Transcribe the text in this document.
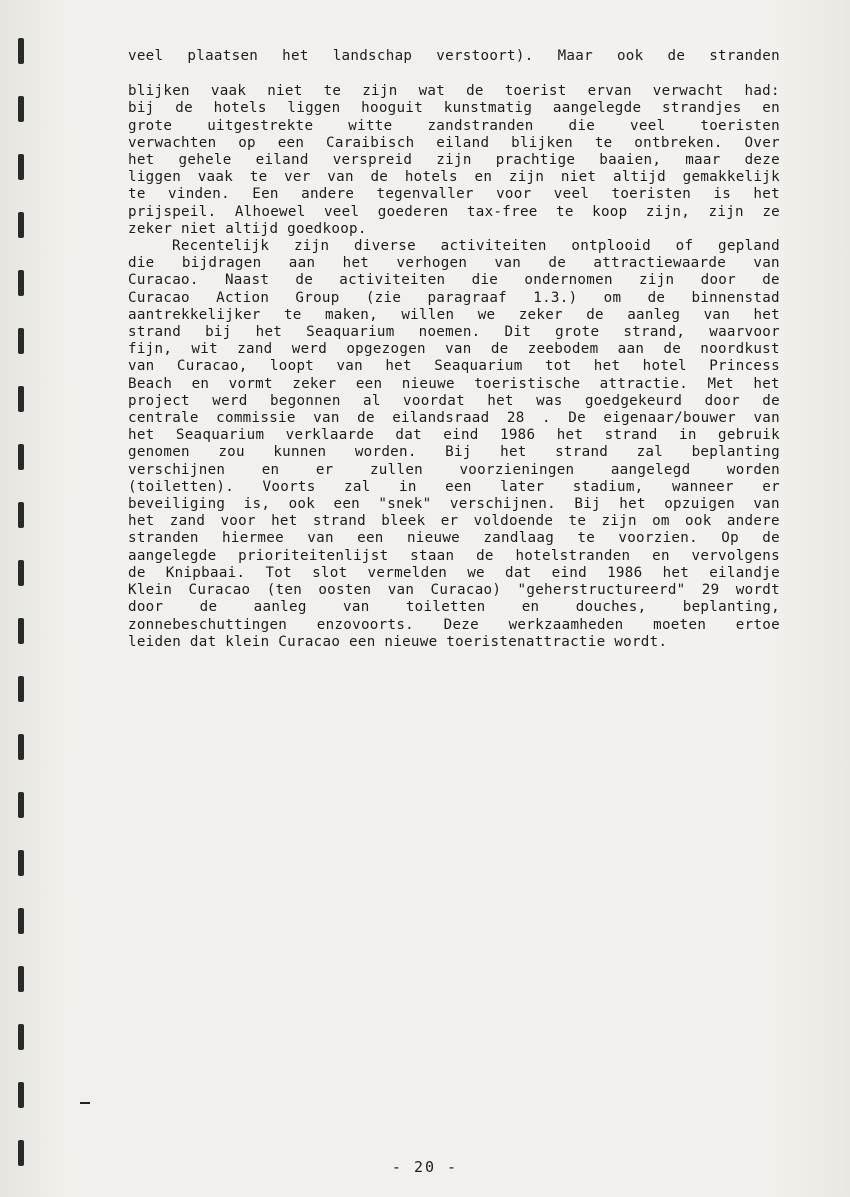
veel plaatsen het landschap verstoort). Maar ook de stranden
blijken vaak niet te zijn wat de toerist ervan verwacht had:
bij de hotels liggen hooguit kunstmatig aangelegde strandjes en
grote uitgestrekte witte zandstranden die veel toeristen
verwachten op een Caraibisch eiland blijken te ontbreken. Over
het gehele eiland verspreid zijn prachtige baaien, maar deze
liggen vaak te ver van de hotels en zijn niet altijd gemakkelijk
te vinden. Een andere tegenvaller voor veel toeristen is het
prijspeil. Alhoewel veel goederen tax-free te koop zijn, zijn ze
zeker niet altijd goedkoop.
Recentelijk zijn diverse activiteiten ontplooid of gepland
die bijdragen aan het verhogen van de attractiewaarde van
Curacao. Naast de activiteiten die ondernomen zijn door de
Curacao Action Group (zie paragraaf 1.3.) om de binnenstad
aantrekkelijker te maken, willen we zeker de aanleg van het
strand bij het Seaquarium noemen. Dit grote strand, waarvoor
fijn, wit zand werd opgezogen van de zeebodem aan de noordkust
van Curacao, loopt van het Seaquarium tot het hotel Princess
Beach en vormt zeker een nieuwe toeristische attractie. Met het
project werd begonnen al voordat het was goedgekeurd door de
centrale commissie van de eilandsraad 28 . De eigenaar/bouwer van
het Seaquarium verklaarde dat eind 1986 het strand in gebruik
genomen zou kunnen worden. Bij het strand zal beplanting
verschijnen	en	er	zullen	voorzieningen	aangelegd	worden
(toiletten). Voorts zal in een later stadium, wanneer er
beveiliging is, ook een "snek" verschijnen. Bij het opzuigen van
het zand voor het strand bleek er voldoende te zijn om ook andere
stranden hiermee van een nieuwe zandlaag te voorzien. Op de
aangelegde prioriteitenlijst staan de hotelstranden en vervolgens
de Knipbaai. Tot slot vermelden we dat eind 1986 het eilandje
Klein Curacao (ten oosten van Curacao) "geherstructureerd" 29 wordt
door	de	aanleg	van	toiletten	en	douches,	beplanting,
zonnebeschuttingen enzovoorts. Deze werkzaamheden moeten ertoe
leiden dat klein Curacao een nieuwe toeristenattractie wordt.
- 20 -
